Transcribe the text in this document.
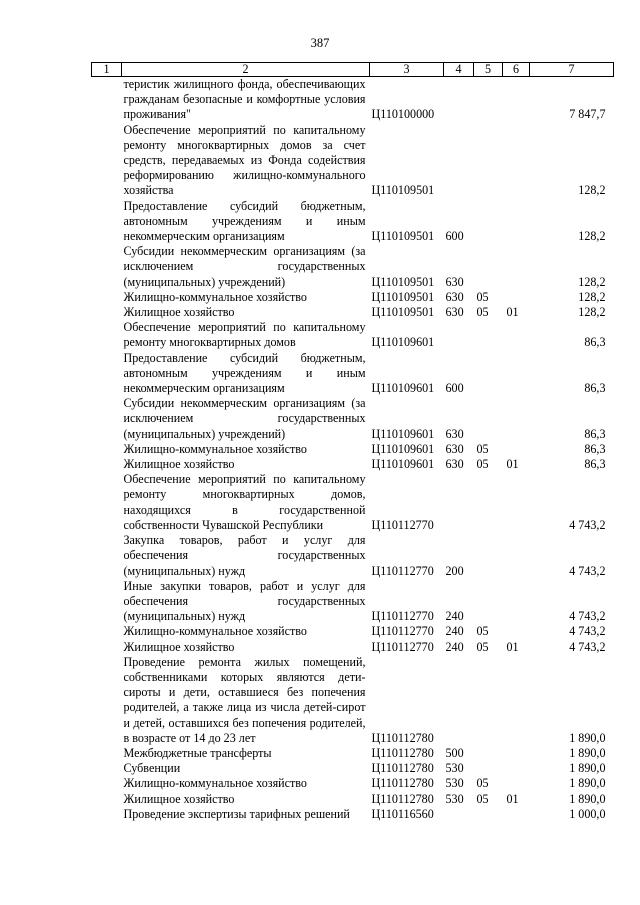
387
1	2	3	4	5	6	7
	теристик жилищного фонда, обеспечивающих гражданам безопасные и комфортные условия проживания"	Ц110100000				7 847,7
	Обеспечение мероприятий по капитальному ремонту многоквартирных домов за счет средств, передаваемых из Фонда содействия реформированию жилищно-коммунального хозяйства	Ц110109501				128,2
	Предоставление субсидий бюджетным, автономным учреждениям и иным некоммерческим организациям	Ц110109501	600			128,2
	Субсидии некоммерческим организациям (за исключением государственных (муниципальных) учреждений)	Ц110109501	630			128,2
	Жилищно-коммунальное хозяйство	Ц110109501	630	05		128,2
	Жилищное хозяйство	Ц110109501	630	05	01	128,2
	Обеспечение мероприятий по капитальному ремонту многоквартирных домов	Ц110109601				86,3
	Предоставление субсидий бюджетным, автономным учреждениям и иным некоммерческим организациям	Ц110109601	600			86,3
	Субсидии некоммерческим организациям (за исключением государственных (муниципальных) учреждений)	Ц110109601	630			86,3
	Жилищно-коммунальное хозяйство	Ц110109601	630	05		86,3
	Жилищное хозяйство	Ц110109601	630	05	01	86,3
	Обеспечение мероприятий по капитальному ремонту многоквартирных домов, находящихся в государственной собственности Чувашской Республики	Ц110112770				4 743,2
	Закупка товаров, работ и услуг для обеспечения государственных (муниципальных) нужд	Ц110112770	200			4 743,2
	Иные закупки товаров, работ и услуг для обеспечения государственных (муниципальных) нужд	Ц110112770	240			4 743,2
	Жилищно-коммунальное хозяйство	Ц110112770	240	05		4 743,2
	Жилищное хозяйство	Ц110112770	240	05	01	4 743,2
	Проведение ремонта жилых помещений, собственниками которых являются дети-сироты и дети, оставшиеся без попечения родителей, а также лица из числа детей-сирот и детей, оставшихся без попечения родителей, в возрасте от 14 до 23 лет	Ц110112780				1 890,0
	Межбюджетные трансферты	Ц110112780	500			1 890,0
	Субвенции	Ц110112780	530			1 890,0
	Жилищно-коммунальное хозяйство	Ц110112780	530	05		1 890,0
	Жилищное хозяйство	Ц110112780	530	05	01	1 890,0
	Проведение экспертизы тарифных решений	Ц110116560				1 000,0
